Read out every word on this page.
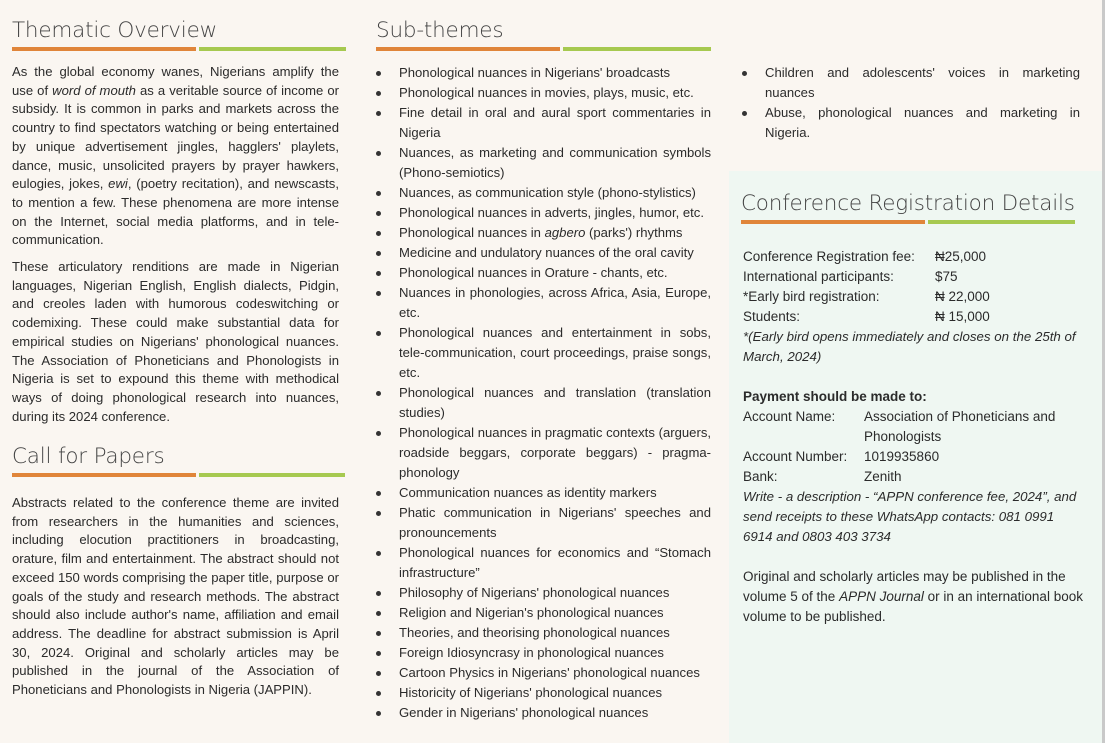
Thematic Overview

As the global economy wanes, Nigerians amplify the use of word of mouth as a veritable source of income or subsidy. It is common in parks and markets across the country to find spectators watching or being entertained by unique advertisement jingles, hagglers' playlets, dance, music, unsolicited prayers by prayer hawkers, eulogies, jokes, ewi, (poetry recitation), and newscasts, to mention a few. These phenomena are more intense on the Internet, social media platforms, and in tele-communication.

These articulatory renditions are made in Nigerian languages, Nigerian English, English dialects, Pidgin, and creoles laden with humorous codeswitching or codemixing. These could make substantial data for empirical studies on Nigerians' phonological nuances. The Association of Phoneticians and Phonologists in Nigeria is set to expound this theme with methodical ways of doing phonological research into nuances, during its 2024 conference.

Call for Papers

Abstracts related to the conference theme are invited from researchers in the humanities and sciences, including elocution practitioners in broadcasting, orature, film and entertainment. The abstract should not exceed 150 words comprising the paper title, purpose or goals of the study and research methods. The abstract should also include author's name, affiliation and email address. The deadline for abstract submission is April 30, 2024. Original and scholarly articles may be published in the journal of the Association of Phoneticians and Phonologists in Nigeria (JAPPIN).

Sub-themes
Phonological nuances in Nigerians' broadcasts
Phonological nuances in movies, plays, music, etc.
Fine detail in oral and aural sport commentaries in Nigeria
Nuances, as marketing and communication symbols (Phono-semiotics)
Nuances, as communication style (phono-stylistics)
Phonological nuances in adverts, jingles, humor, etc.
Phonological nuances in agbero (parks') rhythms
Medicine and undulatory nuances of the oral cavity
Phonological nuances in Orature - chants, etc.
Nuances in phonologies, across Africa, Asia, Europe, etc.
Phonological nuances and entertainment in sobs, tele-communication, court proceedings, praise songs, etc.
Phonological nuances and translation (translation studies)
Phonological nuances in pragmatic contexts (arguers, roadside beggars, corporate beggars) - pragma-phonology
Communication nuances as identity markers
Phatic communication in Nigerians' speeches and pronouncements
Phonological nuances for economics and “Stomach infrastructure”
Philosophy of Nigerians' phonological nuances
Religion and Nigerian's phonological nuances
Theories, and theorising phonological nuances
Foreign Idiosyncrasy in phonological nuances
Cartoon Physics in Nigerians' phonological nuances
Historicity of Nigerians' phonological nuances
Gender in Nigerians' phonological nuances
Children and adolescents' voices in marketing nuances
Abuse, phonological nuances and marketing in Nigeria.
Conference Registration Details
Conference Registration fee:	₦25,000
International participants:	$75
*Early bird registration:	₦ 22,000
Students:	₦ 15,000
*(Early bird opens immediately and closes on the 25th of March, 2024)
Payment should be made to:
Account Name:	Association of Phoneticians and Phonologists
Account Number:	1019935860
Bank:	Zenith
Write - a description - “APPN conference fee, 2024”, and send receipts to these WhatsApp contacts: 081 0991 6914 and 0803 403 3734
Original and scholarly articles may be published in the volume 5 of the APPN Journal or in an international book volume to be published.
